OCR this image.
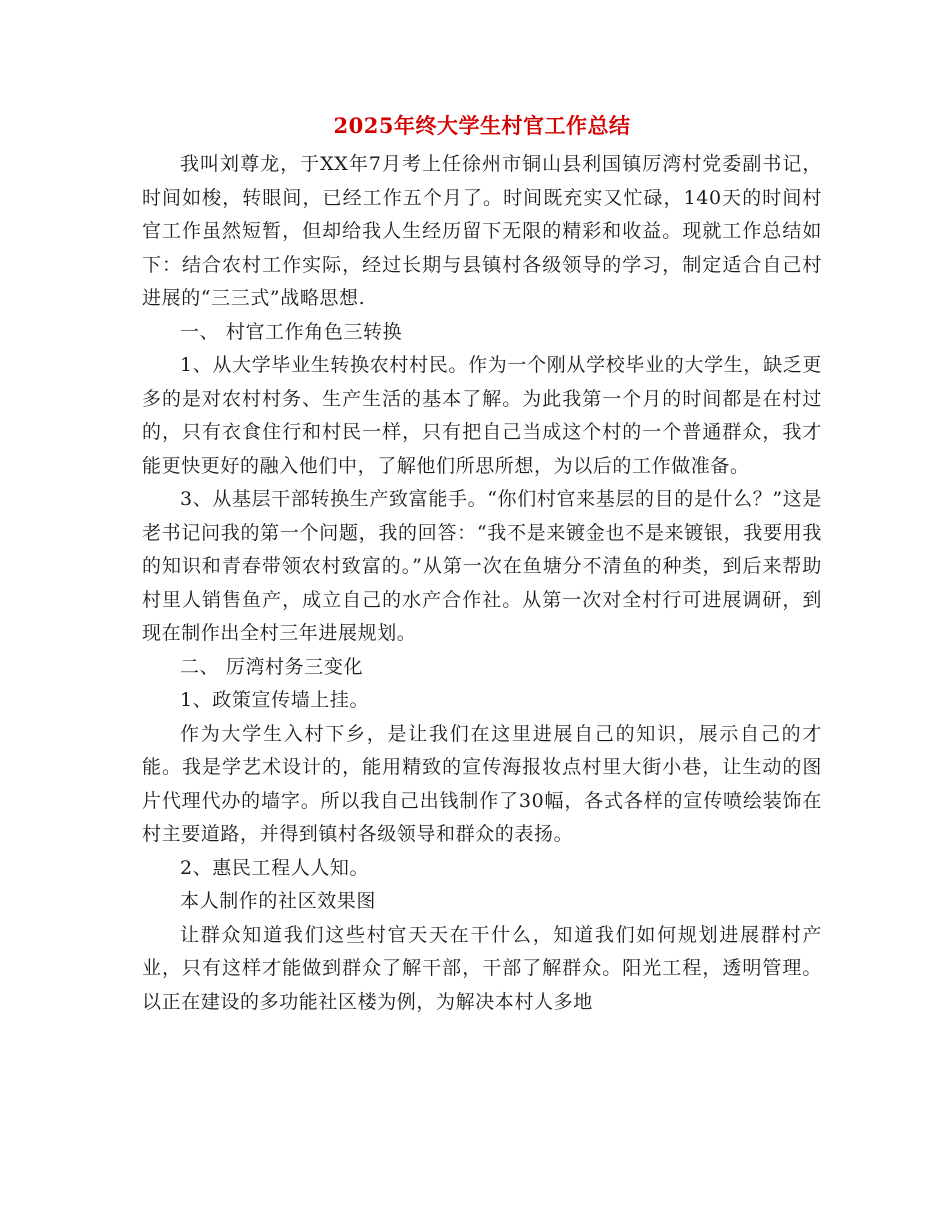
2025年终大学生村官工作总结

我叫刘尊龙，于XX年7月考上任徐州市铜山县利国镇厉湾村党委副书记，时间如梭，转眼间，已经工作五个月了。时间既充实又忙碌，140天的时间村官工作虽然短暂，但却给我人生经历留下无限的精彩和收益。现就工作总结如下：结合农村工作实际，经过长期与县镇村各级领导的学习，制定适合自己村进展的“三三式”战略思想.

一、 村官工作角色三转换

1、从大学毕业生转换农村村民。作为一个刚从学校毕业的大学生，缺乏更多的是对农村村务、生产生活的基本了解。为此我第一个月的时间都是在村过的，只有衣食住行和村民一样，只有把自己当成这个村的一个普通群众，我才能更快更好的融入他们中，了解他们所思所想，为以后的工作做准备。

3、从基层干部转换生产致富能手。“你们村官来基层的目的是什么？”这是老书记问我的第一个问题，我的回答：“我不是来镀金也不是来镀银，我要用我的知识和青春带领农村致富的。”从第一次在鱼塘分不清鱼的种类，到后来帮助村里人销售鱼产，成立自己的水产合作社。从第一次对全村行可进展调研，到现在制作出全村三年进展规划。

二、 厉湾村务三变化

1、政策宣传墙上挂。

作为大学生入村下乡，是让我们在这里进展自己的知识，展示自己的才能。我是学艺术设计的，能用精致的宣传海报妆点村里大街小巷，让生动的图片代理代办的墙字。所以我自己出钱制作了30幅，各式各样的宣传喷绘装饰在村主要道路，并得到镇村各级领导和群众的表扬。

2、惠民工程人人知。

本人制作的社区效果图

让群众知道我们这些村官天天在干什么，知道我们如何规划进展群村产业，只有这样才能做到群众了解干部，干部了解群众。阳光工程，透明管理。以正在建设的多功能社区楼为例，为解决本村人多地
